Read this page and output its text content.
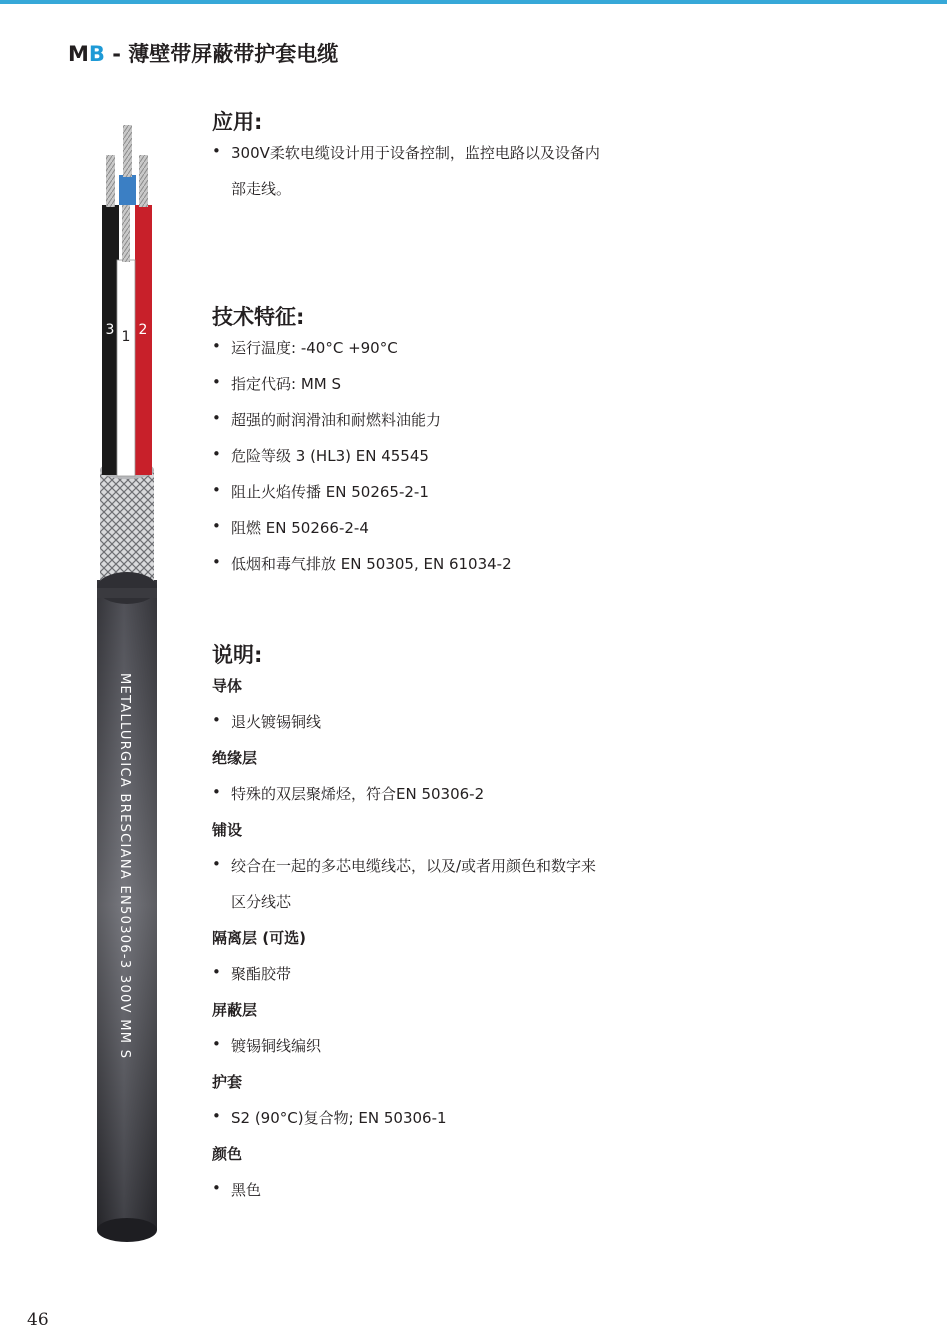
MB - 薄壁带屏蔽带护套电缆
3 1 2
METALLURGICA BRESCIANA EN50306-3 300V MM S
应用:
• 300V柔软电缆设计用于设备控制，监控电路以及设备内
部走线。
技术特征:
• 运行温度: -40°C +90°C
• 指定代码: MM S
• 超强的耐润滑油和耐燃料油能力
• 危险等级 3 (HL3) EN 45545
• 阻止火焰传播 EN 50265-2-1
• 阻燃 EN 50266-2-4
• 低烟和毒气排放 EN 50305, EN 61034-2
说明:
导体
• 退火镀锡铜线
绝缘层
• 特殊的双层聚烯烃，符合EN 50306-2
铺设
• 绞合在一起的多芯电缆线芯，以及/或者用颜色和数字来
区分线芯
隔离层 (可选)
• 聚酯胶带
屏蔽层
• 镀锡铜线编织
护套
• S2 (90°C)复合物; EN 50306-1
颜色
• 黑色
46
